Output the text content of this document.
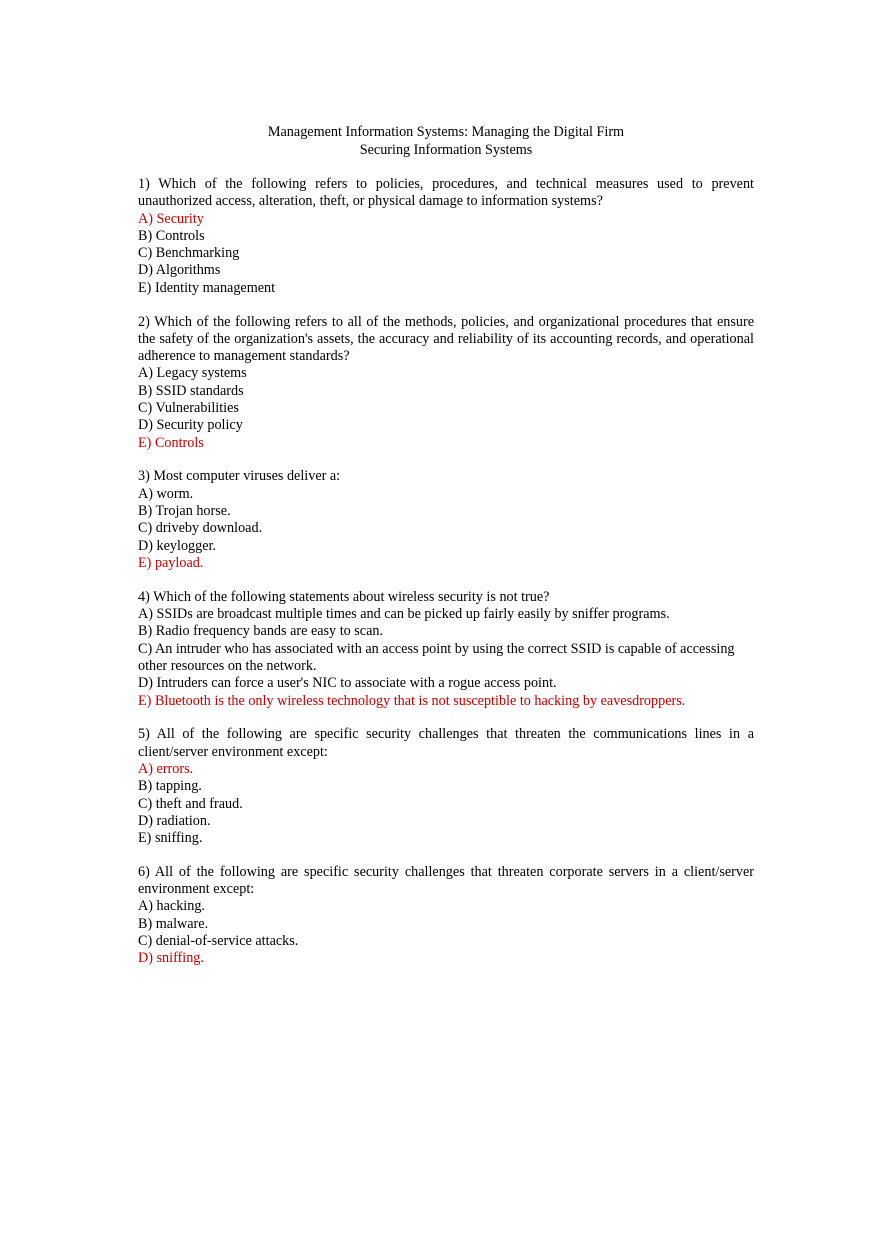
Management Information Systems: Managing the Digital Firm
Securing Information Systems
1) Which of the following refers to policies, procedures, and technical measures used to prevent unauthorized access, alteration, theft, or physical damage to information systems?
A) Security
B) Controls
C) Benchmarking
D) Algorithms
E) Identity management
2) Which of the following refers to all of the methods, policies, and organizational procedures that ensure the safety of the organization's assets, the accuracy and reliability of its accounting records, and operational adherence to management standards?
A) Legacy systems
B) SSID standards
C) Vulnerabilities
D) Security policy
E) Controls
3) Most computer viruses deliver a:
A) worm.
B) Trojan horse.
C) driveby download.
D) keylogger.
E) payload.
4) Which of the following statements about wireless security is not true?
A) SSIDs are broadcast multiple times and can be picked up fairly easily by sniffer programs.
B) Radio frequency bands are easy to scan.
C) An intruder who has associated with an access point by using the correct SSID is capable of accessing other resources on the network.
D) Intruders can force a user's NIC to associate with a rogue access point.
E) Bluetooth is the only wireless technology that is not susceptible to hacking by eavesdroppers.
5) All of the following are specific security challenges that threaten the communications lines in a client/server environment except:
A) errors.
B) tapping.
C) theft and fraud.
D) radiation.
E) sniffing.
6) All of the following are specific security challenges that threaten corporate servers in a client/server environment except:
A) hacking.
B) malware.
C) denial-of-service attacks.
D) sniffing.
